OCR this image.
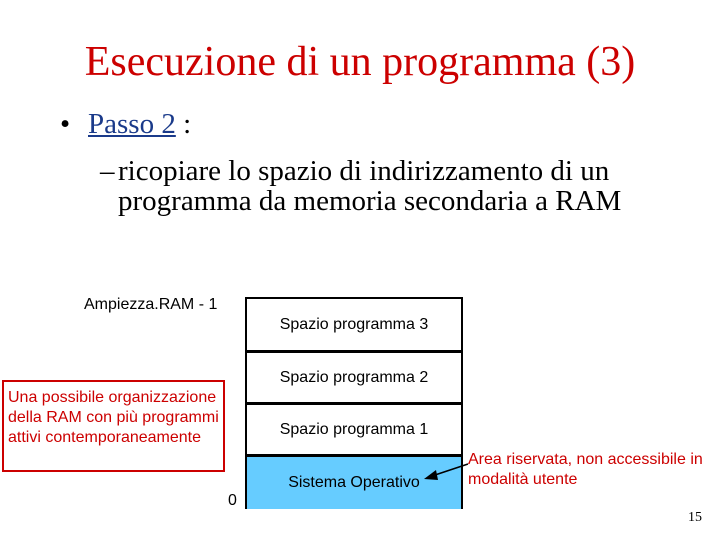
Esecuzione di un programma (3)
• Passo 2 :
– ricopiare lo spazio di indirizzamento di un programma da memoria secondaria a RAM
Ampiezza.RAM - 1
Spazio programma 3
Spazio programma 2
Spazio programma 1
Sistema Operativo
0
Una possibile organizzazione della RAM con più programmi attivi contemporaneamente
Area riservata, non accessibile in modalità utente
15
